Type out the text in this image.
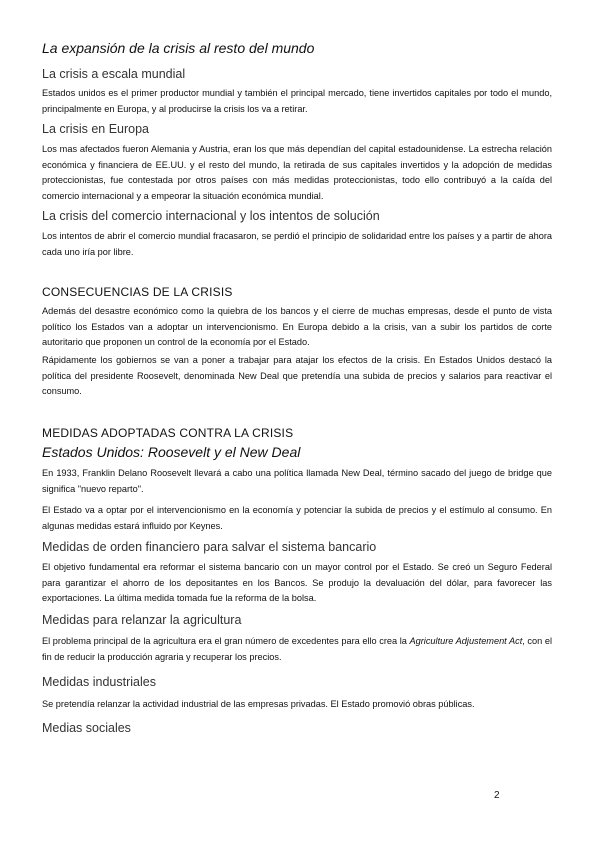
La expansión de la crisis al resto del mundo
La crisis a escala mundial
Estados unidos es el primer productor mundial y también el principal mercado, tiene invertidos capitales por todo el mundo, principalmente en Europa, y al producirse la crisis los va a retirar.
La crisis en Europa
Los mas afectados fueron Alemania y Austria, eran los que más dependían del capital estadounidense. La estrecha relación económica y financiera de EE.UU. y el resto del mundo, la retirada de sus capitales invertidos y la adopción de medidas proteccionistas, fue contestada por otros países con más medidas proteccionistas, todo ello contribuyó a la caída del comercio internacional y a empeorar la situación económica mundial.
La crisis del comercio internacional y los intentos de solución
Los intentos de abrir el comercio mundial fracasaron, se perdió el principio de solidaridad entre los países y a partir de ahora cada uno iría por libre.
CONSECUENCIAS DE LA CRISIS
Además del desastre económico como la quiebra de los bancos y el cierre de muchas empresas, desde el punto de vista político los Estados van a adoptar un intervencionismo. En Europa debido a la crisis, van a subir los partidos de corte autoritario que proponen un control de la economía por el Estado.
Rápidamente los gobiernos se van a poner a trabajar para atajar los efectos de la crisis. En Estados Unidos destacó la política del presidente Roosevelt, denominada New Deal que pretendía una subida de precios y salarios para reactivar el consumo.
MEDIDAS ADOPTADAS CONTRA LA CRISIS
Estados Unidos: Roosevelt y el New Deal
En 1933, Franklin Delano Roosevelt llevará a cabo una política llamada New Deal, término sacado del juego de bridge que significa "nuevo reparto".
El Estado va a optar por el intervencionismo en la economía y potenciar la subida de precios y el estímulo al consumo. En algunas medidas estará influido por Keynes.
Medidas de orden financiero para salvar el sistema bancario
El objetivo fundamental era reformar el sistema bancario con un mayor control por el Estado. Se creó un Seguro Federal para garantizar el ahorro de los depositantes en los Bancos. Se produjo la devaluación del dólar, para favorecer las exportaciones. La última medida tomada fue la reforma de la bolsa.
Medidas para relanzar la agricultura
El problema principal de la agricultura era el gran número de excedentes para ello crea la Agriculture Adjustement Act, con el fin de reducir la producción agraria y recuperar los precios.
Medidas industriales
Se pretendía relanzar la actividad industrial de las empresas privadas. El Estado promovió obras públicas.
Medias sociales
2
